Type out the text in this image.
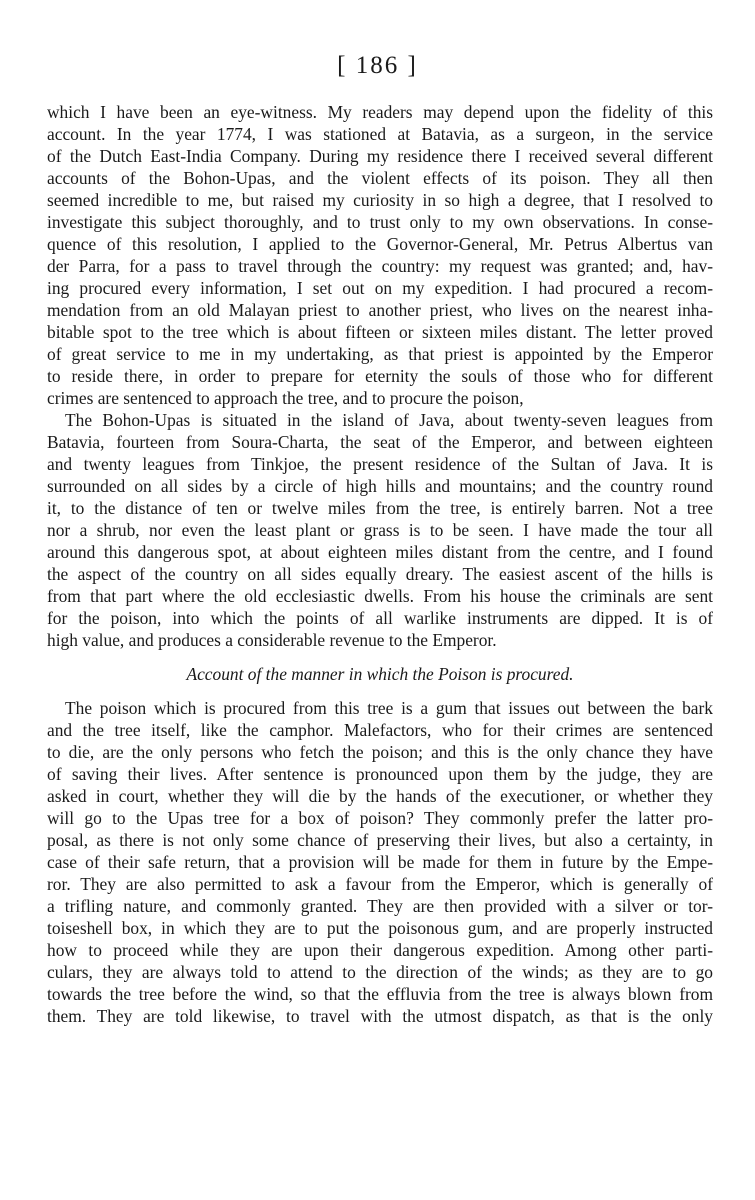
[ 186 ]
which I have been an eye-witness. My readers may depend upon the fidelity of this
account. In the year 1774, I was stationed at Batavia, as a surgeon, in the service
of the Dutch East-India Company. During my residence there I received several different
accounts of the Bohon-Upas, and the violent effects of its poison. They all then
seemed incredible to me, but raised my curiosity in so high a degree, that I resolved to
investigate this subject thoroughly, and to trust only to my own observations. In conse-
quence of this resolution, I applied to the Governor-General, Mr. Petrus Albertus van
der Parra, for a pass to travel through the country: my request was granted; and, hav-
ing procured every information, I set out on my expedition. I had procured a recom-
mendation from an old Malayan priest to another priest, who lives on the nearest inha-
bitable spot to the tree which is about fifteen or sixteen miles distant. The letter proved
of great service to me in my undertaking, as that priest is appointed by the Emperor
to reside there, in order to prepare for eternity the souls of those who for different
crimes are sentenced to approach the tree, and to procure the poison,
The Bohon-Upas is situated in the island of Java, about twenty-seven leagues from
Batavia, fourteen from Soura-Charta, the seat of the Emperor, and between eighteen
and twenty leagues from Tinkjoe, the present residence of the Sultan of Java. It is
surrounded on all sides by a circle of high hills and mountains; and the country round
it, to the distance of ten or twelve miles from the tree, is entirely barren. Not a tree
nor a shrub, nor even the least plant or grass is to be seen. I have made the tour all
around this dangerous spot, at about eighteen miles distant from the centre, and I found
the aspect of the country on all sides equally dreary. The easiest ascent of the hills is
from that part where the old ecclesiastic dwells. From his house the criminals are sent
for the poison, into which the points of all warlike instruments are dipped. It is of
high value, and produces a considerable revenue to the Emperor.
Account of the manner in which the Poison is procured.
The poison which is procured from this tree is a gum that issues out between the bark
and the tree itself, like the camphor. Malefactors, who for their crimes are sentenced
to die, are the only persons who fetch the poison; and this is the only chance they have
of saving their lives. After sentence is pronounced upon them by the judge, they are
asked in court, whether they will die by the hands of the executioner, or whether they
will go to the Upas tree for a box of poison? They commonly prefer the latter pro-
posal, as there is not only some chance of preserving their lives, but also a certainty, in
case of their safe return, that a provision will be made for them in future by the Empe-
ror. They are also permitted to ask a favour from the Emperor, which is generally of
a trifling nature, and commonly granted. They are then provided with a silver or tor-
toiseshell box, in which they are to put the poisonous gum, and are properly instructed
how to proceed while they are upon their dangerous expedition. Among other parti-
culars, they are always told to attend to the direction of the winds; as they are to go
towards the tree before the wind, so that the effluvia from the tree is always blown from
them. They are told likewise, to travel with the utmost dispatch, as that is the only
